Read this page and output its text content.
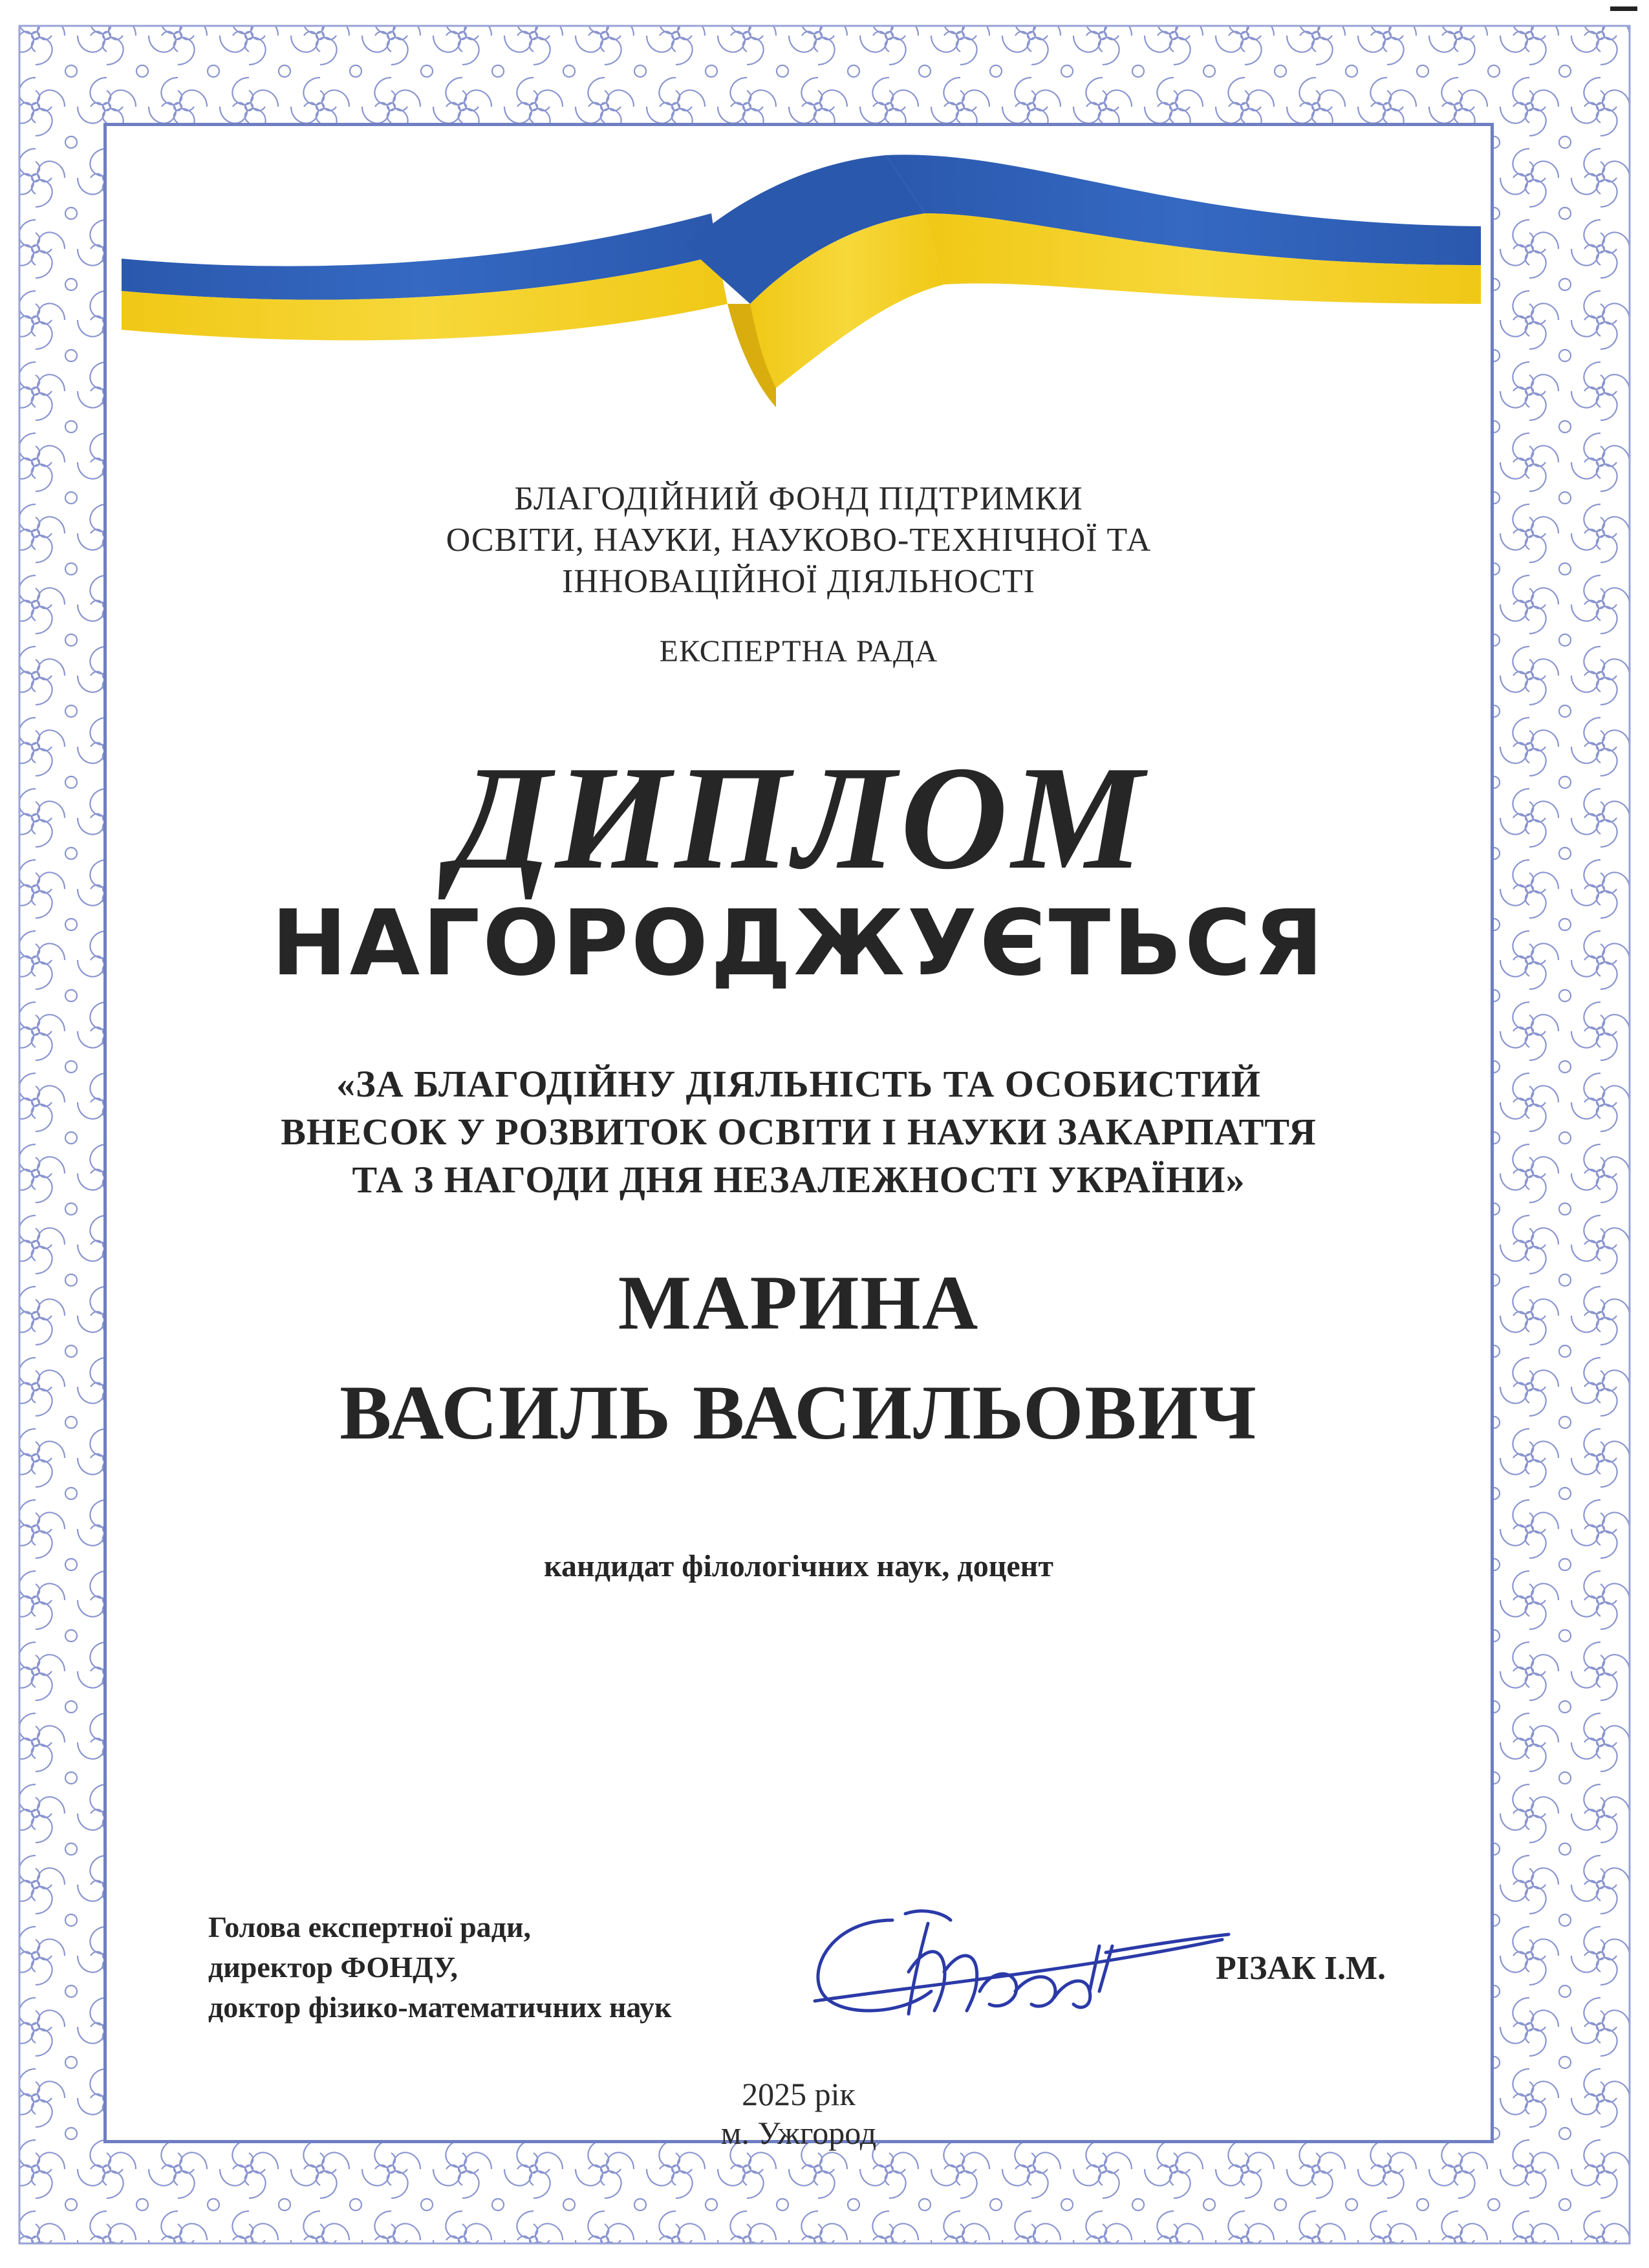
БЛАГОДІЙНИЙ ФОНД ПІДТРИМКИ
ОСВІТИ, НАУКИ, НАУКОВО-ТЕХНІЧНОЇ ТА
ІННОВАЦІЙНОЇ ДІЯЛЬНОСТІ
ЕКСПЕРТНА РАДА
ДИПЛОМ
НАГОРОДЖУЄТЬСЯ
«ЗА БЛАГОДІЙНУ ДІЯЛЬНІСТЬ ТА ОСОБИСТИЙ
ВНЕСОК У РОЗВИТОК ОСВІТИ І НАУКИ ЗАКАРПАТТЯ
ТА З НАГОДИ ДНЯ НЕЗАЛЕЖНОСТІ УКРАЇНИ»
МАРИНА
ВАСИЛЬ ВАСИЛЬОВИЧ
кандидат філологічних наук, доцент
Голова експертної ради,
директор ФОНДУ,
доктор фізико-математичних наук
РІЗАК І.М.
2025 рік
м. Ужгород
